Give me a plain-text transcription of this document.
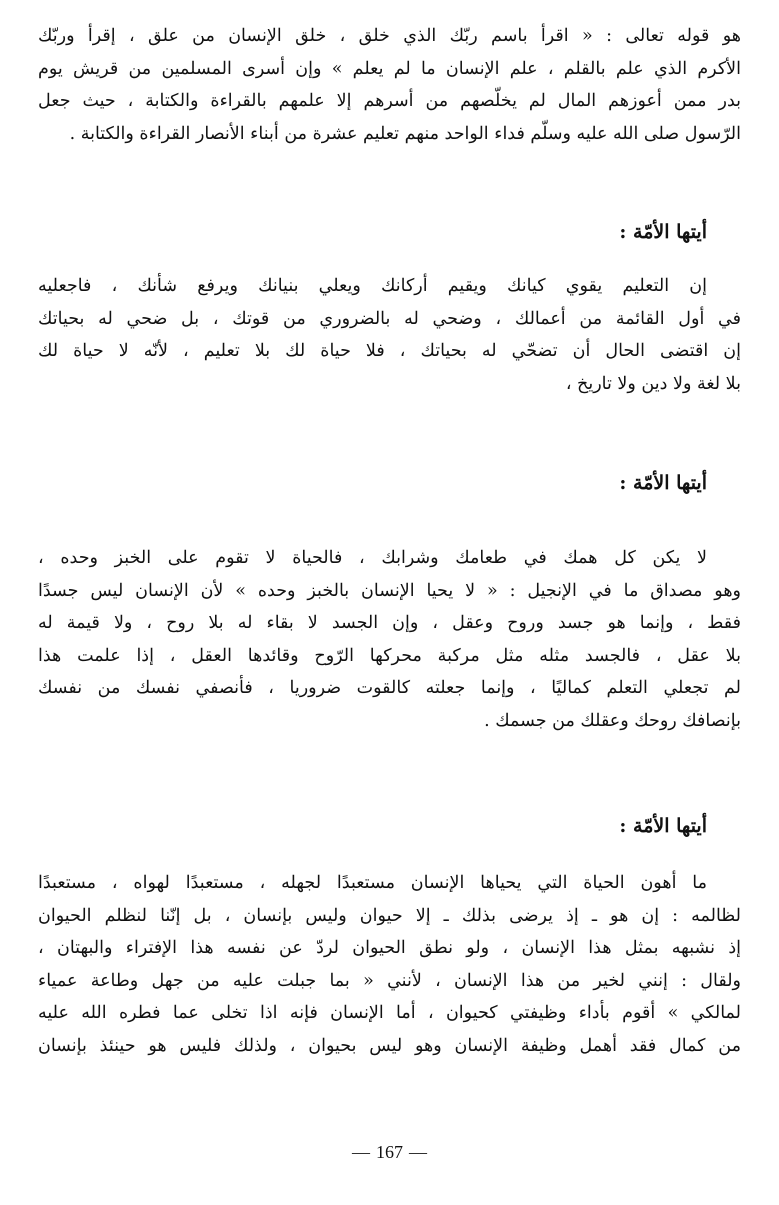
هو قوله تعالى : « اقرأ باسم ربّك الذي خلق ، خلق الإنسان من علق ، إقرأ وربّك
الأكرم الذي علم بالقلم ، علم الإنسان ما لم يعلم » وإن أسرى المسلمين من قريش يوم
بدر ممن أعوزهم المال لم يخلّصهم من أسرهم إلا علمهم بالقراءة والكتابة ، حيث جعل
الرّسول صلى الله عليه وسلّم فداء الواحد منهم تعليم عشرة من أبناء الأنصار القراءة والكتابة .
أيتها الأمّة :
إن التعليم يقوي كيانك ويقيم أركانك ويعلي بنيانك ويرفع شأنك ، فاجعليه
في أول القائمة من أعمالك ، وضحي له بالضروري من قوتك ، بل ضحي له بحياتك
إن اقتضى الحال أن تضحّي له بحياتك ، فلا حياة لك بلا تعليم ، لأنّه لا حياة لك
بلا لغة ولا دين ولا تاريخ ،
أيتها الأمّة :
لا يكن كل همك في طعامك وشرابك ، فالحياة لا تقوم على الخبز وحده ،
وهو مصداق ما في الإنجيل : « لا يحيا الإنسان بالخبز وحده » لأن الإنسان ليس جسدًا
فقط ، وإنما هو جسد وروح وعقل ، وإن الجسد لا بقاء له بلا روح ، ولا قيمة له
بلا عقل ، فالجسد مثله مثل مركبة محركها الرّوح وقائدها العقل ، إذا علمت هذا
لم تجعلي التعلم كماليًا ، وإنما جعلته كالقوت ضروريا ، فأنصفي نفسك من نفسك
بإنصافك روحك وعقلك من جسمك .
أيتها الأمّة :
ما أهون الحياة التي يحياها الإنسان مستعبدًا لجهله ، مستعبدًا لهواه ، مستعبدًا
لظالمه : إن هو ـ إذ يرضى بذلك ـ إلا حيوان وليس بإنسان ، بل إنّنا لنظلم الحيوان
إذ نشبهه بمثل هذا الإنسان ، ولو نطق الحيوان لردّ عن نفسه هذا الإفتراء والبهتان ،
ولقال : إنني لخير من هذا الإنسان ، لأنني « بما جبلت عليه من جهل وطاعة عمياء
لمالكي » أقوم بأداء وظيفتي كحيوان ، أما الإنسان فإنه اذا تخلى عما فطره الله عليه
من كمال فقد أهمل وظيفة الإنسان وهو ليس بحيوان ، ولذلك فليس هو حينئذ بإنسان
— 167 —
